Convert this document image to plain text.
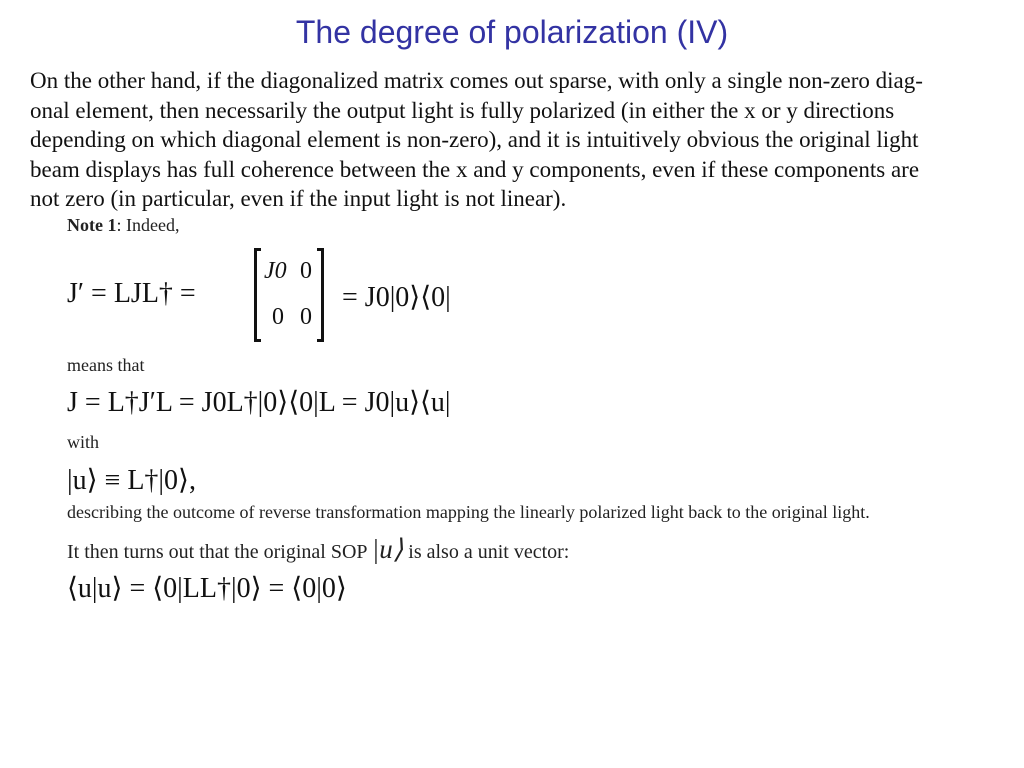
The degree of polarization (IV)
On the other hand, if the diagonalized matrix comes out sparse, with only a single non-zero diag-
onal element, then necessarily the output light is fully polarized (in either the x or y directions
depending on which diagonal element is non-zero), and it is intuitively obvious the original light
beam displays has full coherence between the x and y components, even if these components are
not zero (in particular, even if the input light is not linear).
Note 1: Indeed,
J′ = LJL† =
J0 0
0 0
= J0|0⟩⟨0|
means that
J = L†J′L = J0L†|0⟩⟨0|L = J0|u⟩⟨u|
with
|u⟩ ≡ L†|0⟩,
describing the outcome of reverse transformation mapping the linearly polarized light back to the original light.
It then turns out that the original SOP |u⟩ is also a unit vector:
⟨u|u⟩ = ⟨0|LL†|0⟩ = ⟨0|0⟩
